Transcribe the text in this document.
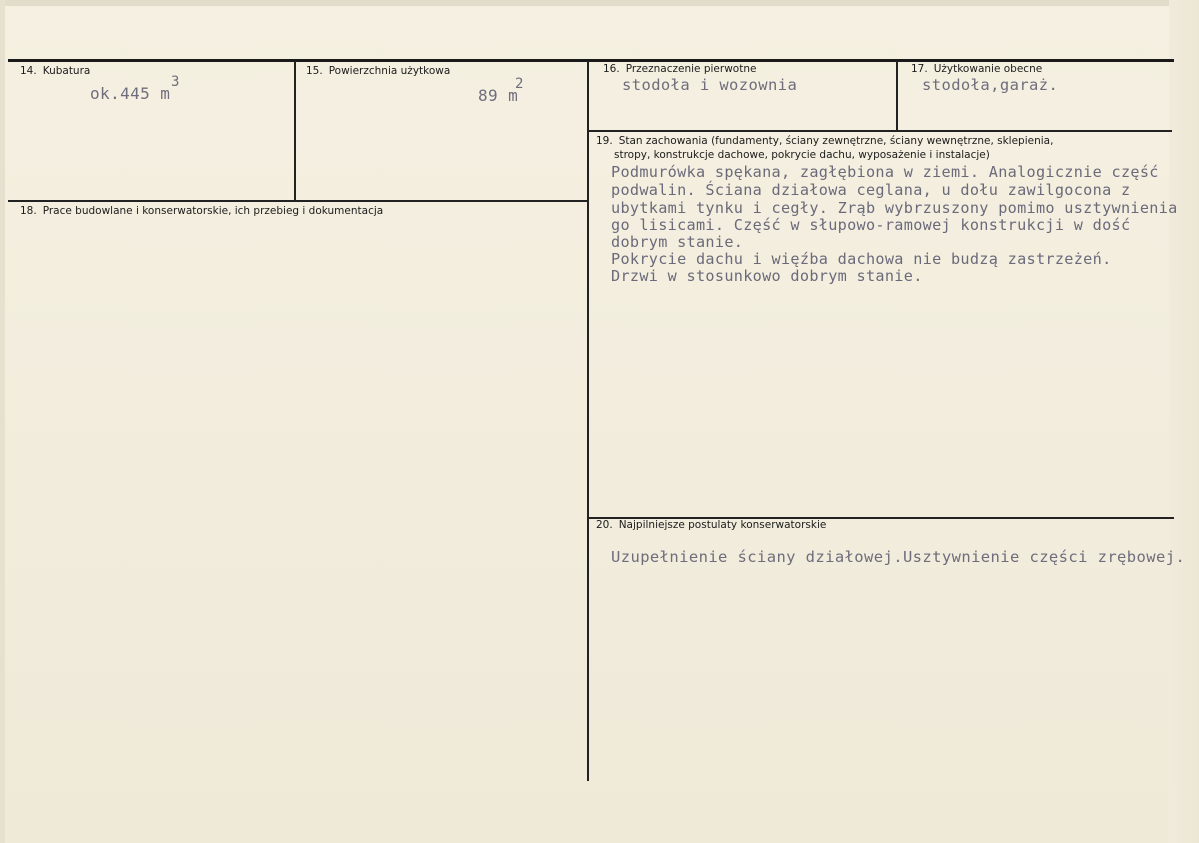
14. Kubatura
ok.445 m
3
15. Powierzchnia użytkowa
89 m
2
16. Przeznaczenie pierwotne
stodoła i wozownia
17. Użytkowanie obecne
stodoła,garaż.
18. Prace budowlane i konserwatorskie, ich przebieg i dokumentacja
19. Stan zachowania (fundamenty, ściany zewnętrzne, ściany wewnętrzne, sklepienia,
stropy, konstrukcje dachowe, pokrycie dachu, wyposażenie i instalacje)
Podmurówka spękana, zagłębiona w ziemi. Analogicznie część
podwalin. Ściana działowa ceglana, u dołu zawilgocona z
ubytkami tynku i cegły. Zrąb wybrzuszony pomimo usztywnienia
go lisicami. Część w słupowo-ramowej konstrukcji w dość
dobrym stanie.
Pokrycie dachu i więźba dachowa nie budzą zastrzeżeń.
Drzwi w stosunkowo dobrym stanie.
20. Najpilniejsze postulaty konserwatorskie
Uzupełnienie ściany działowej.Usztywnienie części zrębowej.
